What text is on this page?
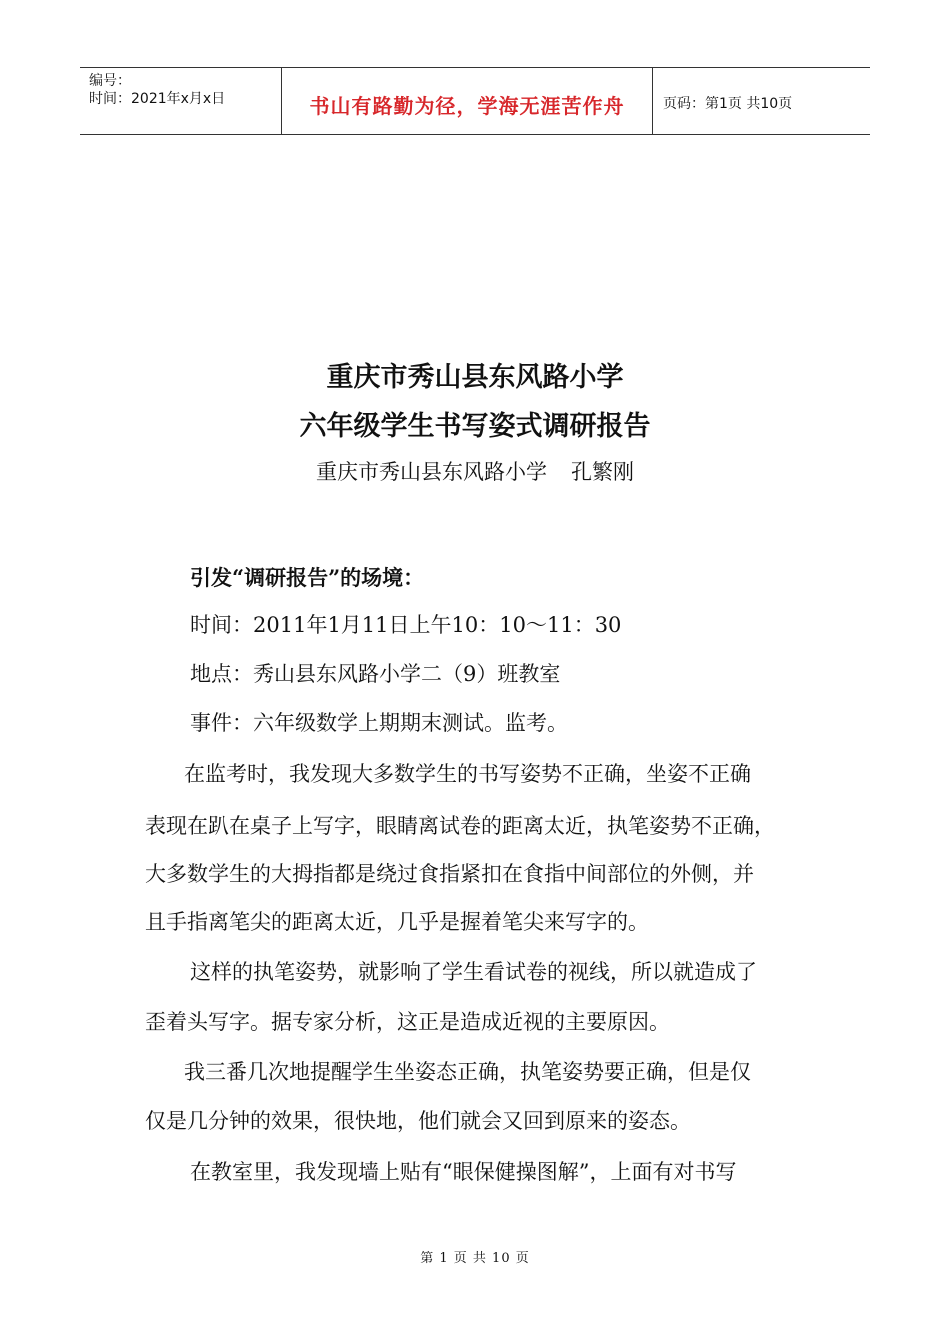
编号：
时间：2021年x月x日	书山有路勤为径，学海无涯苦作舟	页码：第1页 共10页
重庆市秀山县东风路小学
六年级学生书写姿式调研报告
重庆市秀山县东风路小学 孔繁刚
引发“调研报告”的场境：
时间：2011年1月11日上午10：10～11：30
地点：秀山县东风路小学二（9）班教室
事件：六年级数学上期期末测试。监考。
在监考时，我发现大多数学生的书写姿势不正确，坐姿不正确
表现在趴在桌子上写字，眼睛离试卷的距离太近，执笔姿势不正确，
大多数学生的大拇指都是绕过食指紧扣在食指中间部位的外侧，并
且手指离笔尖的距离太近，几乎是握着笔尖来写字的。
这样的执笔姿势，就影响了学生看试卷的视线，所以就造成了
歪着头写字。据专家分析，这正是造成近视的主要原因。
我三番几次地提醒学生坐姿态正确，执笔姿势要正确，但是仅
仅是几分钟的效果，很快地，他们就会又回到原来的姿态。
在教室里，我发现墙上贴有“眼保健操图解”，上面有对书写
第 1 页 共 10 页
